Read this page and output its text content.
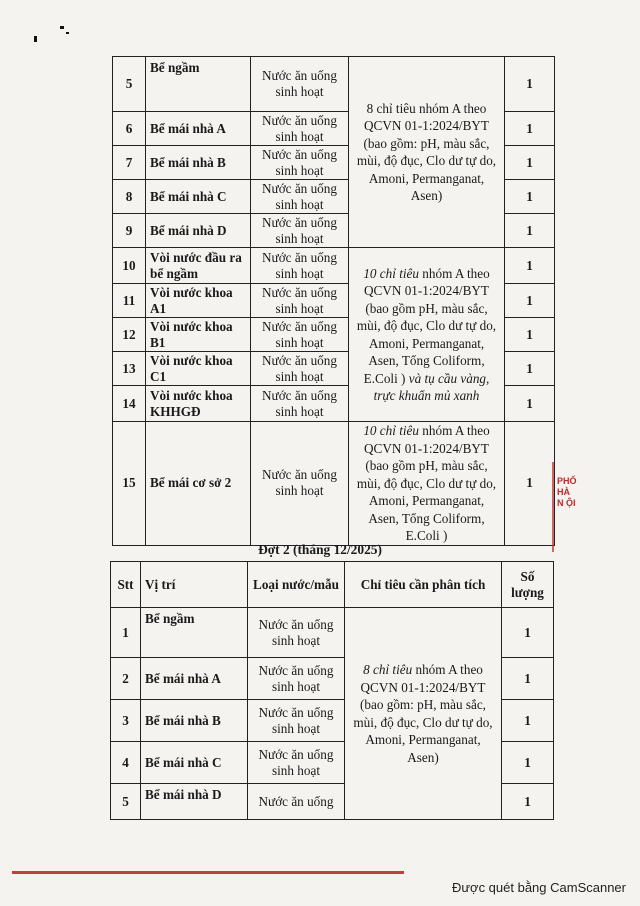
5	Bể ngầm	Nước ăn uống sinh hoạt	8 chỉ tiêu nhóm A theo QCVN 01-1:2024/BYT (bao gồm: pH, màu sắc, mùi, độ đục, Clo dư tự do, Amoni, Permanganat, Asen)	1
6	Bể mái nhà A	Nước ăn uống sinh hoạt		1
7	Bể mái nhà B	Nước ăn uống sinh hoạt		1
8	Bể mái nhà C	Nước ăn uống sinh hoạt		1
9	Bể mái nhà D	Nước ăn uống sinh hoạt		1
10	Vòi nước đầu ra bể ngầm	Nước ăn uống sinh hoạt	10 chỉ tiêu nhóm A theo QCVN 01-1:2024/BYT (bao gồm pH, màu sắc, mùi, độ đục, Clo dư tự do, Amoni, Permanganat, Asen, Tổng Coliform, E.Coli ) và tụ cầu vàng, trực khuẩn mủ xanh	1
11	Vòi nước khoa A1	Nước ăn uống sinh hoạt		1
12	Vòi nước khoa B1	Nước ăn uống sinh hoạt		1
13	Vòi nước khoa C1	Nước ăn uống sinh hoạt		1
14	Vòi nước khoa KHHGĐ	Nước ăn uống sinh hoạt		1
15	Bể mái cơ sở 2	Nước ăn uống sinh hoạt	10 chỉ tiêu nhóm A theo QCVN 01-1:2024/BYT (bao gồm pH, màu sắc, mùi, độ đục, Clo dư tự do, Amoni, Permanganat, Asen, Tổng Coliform, E.Coli )	1
Đợt 2 (tháng 12/2025)
Stt	Vị trí	Loại nước/mẫu	Chỉ tiêu cần phân tích	Số lượng
1	Bể ngầm	Nước ăn uống sinh hoạt	8 chỉ tiêu nhóm A theo QCVN 01-1:2024/BYT (bao gồm: pH, màu sắc, mùi, độ đục, Clo dư tự do, Amoni, Permanganat, Asen)	1
2	Bể mái nhà A	Nước ăn uống sinh hoạt		1
3	Bể mái nhà B	Nước ăn uống sinh hoạt		1
4	Bể mái nhà C	Nước ăn uống sinh hoạt		1
5	Bể mái nhà D	Nước ăn uống		1
PHỐ HÀ N ỘI
Được quét bằng CamScanner
